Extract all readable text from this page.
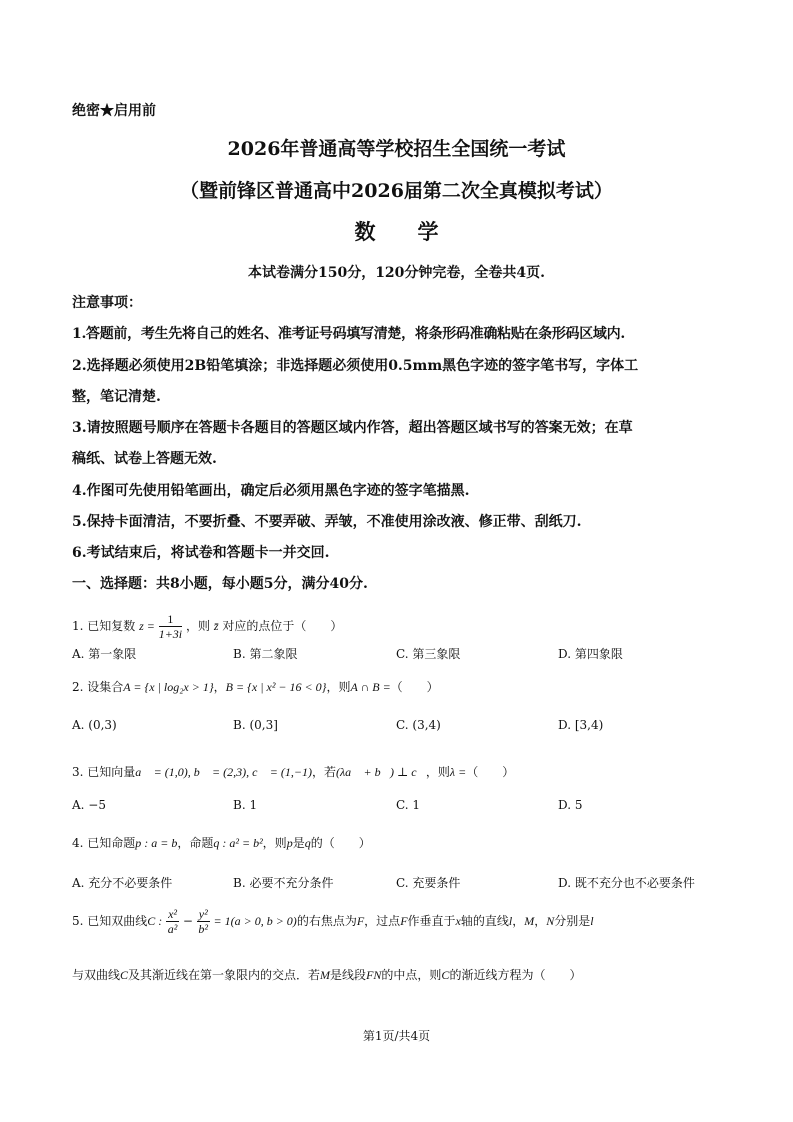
绝密★启用前
2026年普通高等学校招生全国统一考试
（暨前锋区普通高中2026届第二次全真模拟考试）
数　　学
本试卷满分150分，120分钟完卷，全卷共4页.
注意事项：
1.答题前，考生先将自己的姓名、准考证号码填写清楚，将条形码准确粘贴在条形码区域内.
2.选择题必须使用2B铅笔填涂；非选择题必须使用0.5mm黑色字迹的签字笔书写，字体工
整，笔记清楚.
3.请按照题号顺序在答题卡各题目的答题区域内作答，超出答题区域书写的答案无效；在草
稿纸、试卷上答题无效.
4.作图可先使用铅笔画出，确定后必须用黑色字迹的签字笔描黑.
5.保持卡面清洁，不要折叠、不要弄破、弄皱，不准使用涂改液、修正带、刮纸刀.
6.考试结束后，将试卷和答题卡一并交回.
一、选择题：共8小题，每小题5分，满分40分.
1. 已知复数 $z = \frac{1}{1+3i}$ ，则 z̄ 对应的点位于（　　）
A. 第一象限	B. 第二象限	C. 第三象限	D. 第四象限
2. 设集合A = {x | log₂x > 1}，B = {x | x² − 16 < 0}，则A ∩ B =（　　）
A. (0,3)	B. (0,3]	C. (3,4)	D. [3,4)
3. 已知向量a⃗ = (1,0), b⃗ = (2,3), c⃗ = (1,−1)，若(λa⃗ + b⃗) ⊥ c⃗，则λ =（　　）
A. −5	B. 1	C. 1	D. 5
4. 已知命题p : a = b，命题q : a² = b²，则p是q的（　　）
A. 充分不必要条件	B. 必要不充分条件	C. 充要条件	D. 既不充分也不必要条件
5. 已知双曲线C : $\frac{\text{x²}}{\text{a²}} - \frac{\text{y²}}{\text{b²}} = 1(a > 0$, b > 0)的右焦点为F，过点F作垂直于x轴的直线l，M，N分别是l
与双曲线C及其渐近线在第一象限内的交点．若M是线段FN的中点，则C的渐近线方程为（　　）
第1页/共4页
